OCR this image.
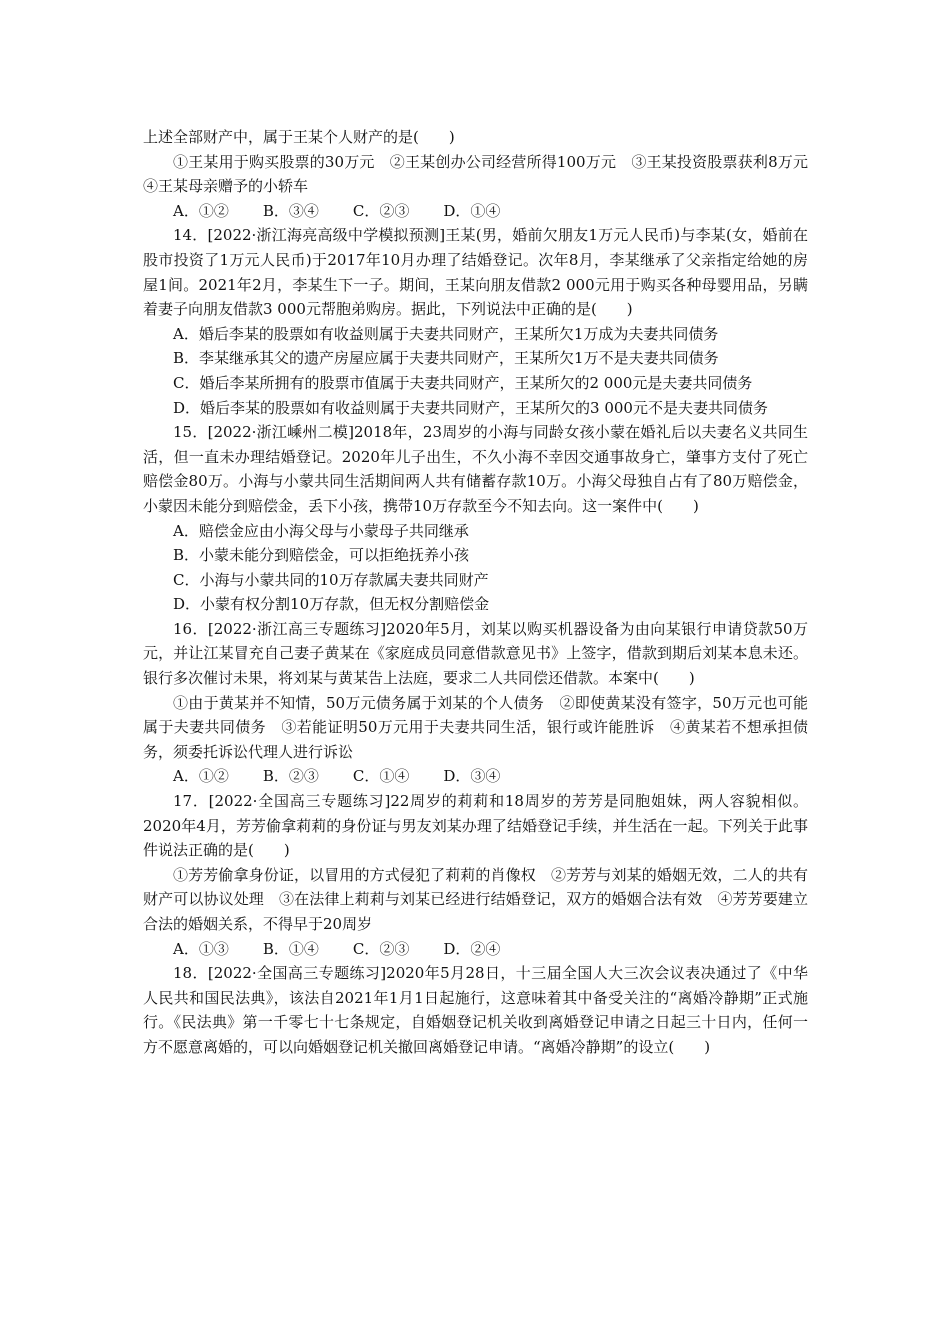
上述全部财产中，属于王某个人财产的是(　　)

①王某用于购买股票的30万元　②王某创办公司经营所得100万元　③王某投资股票获利8万元　④王某母亲赠予的小轿车

A．①② B．③④ C．②③ D．①④

14．[2022·浙江海亮高级中学模拟预测]王某(男，婚前欠朋友1万元人民币)与李某(女，婚前在股市投资了1万元人民币)于2017年10月办理了结婚登记。次年8月，李某继承了父亲指定给她的房屋1间。2021年2月，李某生下一子。期间，王某向朋友借款2 000元用于购买各种母婴用品，另瞒着妻子向朋友借款3 000元帮胞弟购房。据此，下列说法中正确的是(　　)

A．婚后李某的股票如有收益则属于夫妻共同财产，王某所欠1万成为夫妻共同债务

B．李某继承其父的遗产房屋应属于夫妻共同财产，王某所欠1万不是夫妻共同债务

C．婚后李某所拥有的股票市值属于夫妻共同财产，王某所欠的2 000元是夫妻共同债务

D．婚后李某的股票如有收益则属于夫妻共同财产，王某所欠的3 000元不是夫妻共同债务

15．[2022·浙江嵊州二模]2018年，23周岁的小海与同龄女孩小蒙在婚礼后以夫妻名义共同生活，但一直未办理结婚登记。2020年儿子出生，不久小海不幸因交通事故身亡，肇事方支付了死亡赔偿金80万。小海与小蒙共同生活期间两人共有储蓄存款10万。小海父母独自占有了80万赔偿金，小蒙因未能分到赔偿金，丢下小孩，携带10万存款至今不知去向。这一案件中(　　)

A．赔偿金应由小海父母与小蒙母子共同继承

B．小蒙未能分到赔偿金，可以拒绝抚养小孩

C．小海与小蒙共同的10万存款属夫妻共同财产

D．小蒙有权分割10万存款，但无权分割赔偿金

16．[2022·浙江高三专题练习]2020年5月，刘某以购买机器设备为由向某银行申请贷款50万元，并让江某冒充自己妻子黄某在《家庭成员同意借款意见书》上签字，借款到期后刘某本息未还。银行多次催讨未果，将刘某与黄某告上法庭，要求二人共同偿还借款。本案中(　　)

①由于黄某并不知情，50万元债务属于刘某的个人债务　②即使黄某没有签字，50万元也可能属于夫妻共同债务　③若能证明50万元用于夫妻共同生活，银行或许能胜诉　④黄某若不想承担债务，须委托诉讼代理人进行诉讼

A．①② B．②③ C．①④ D．③④

17．[2022·全国高三专题练习]22周岁的莉莉和18周岁的芳芳是同胞姐妹，两人容貌相似。2020年4月，芳芳偷拿莉莉的身份证与男友刘某办理了结婚登记手续，并生活在一起。下列关于此事件说法正确的是(　　)

①芳芳偷拿身份证，以冒用的方式侵犯了莉莉的肖像权　②芳芳与刘某的婚姻无效，二人的共有财产可以协议处理　③在法律上莉莉与刘某已经进行结婚登记，双方的婚姻合法有效　④芳芳要建立合法的婚姻关系，不得早于20周岁

A．①③ B．①④ C．②③ D．②④

18．[2022·全国高三专题练习]2020年5月28日，十三届全国人大三次会议表决通过了《中华人民共和国民法典》，该法自2021年1月1日起施行，这意味着其中备受关注的“离婚冷静期”正式施行。《民法典》第一千零七十七条规定，自婚姻登记机关收到离婚登记申请之日起三十日内，任何一方不愿意离婚的，可以向婚姻登记机关撤回离婚登记申请。“离婚冷静期”的设立(　　)
